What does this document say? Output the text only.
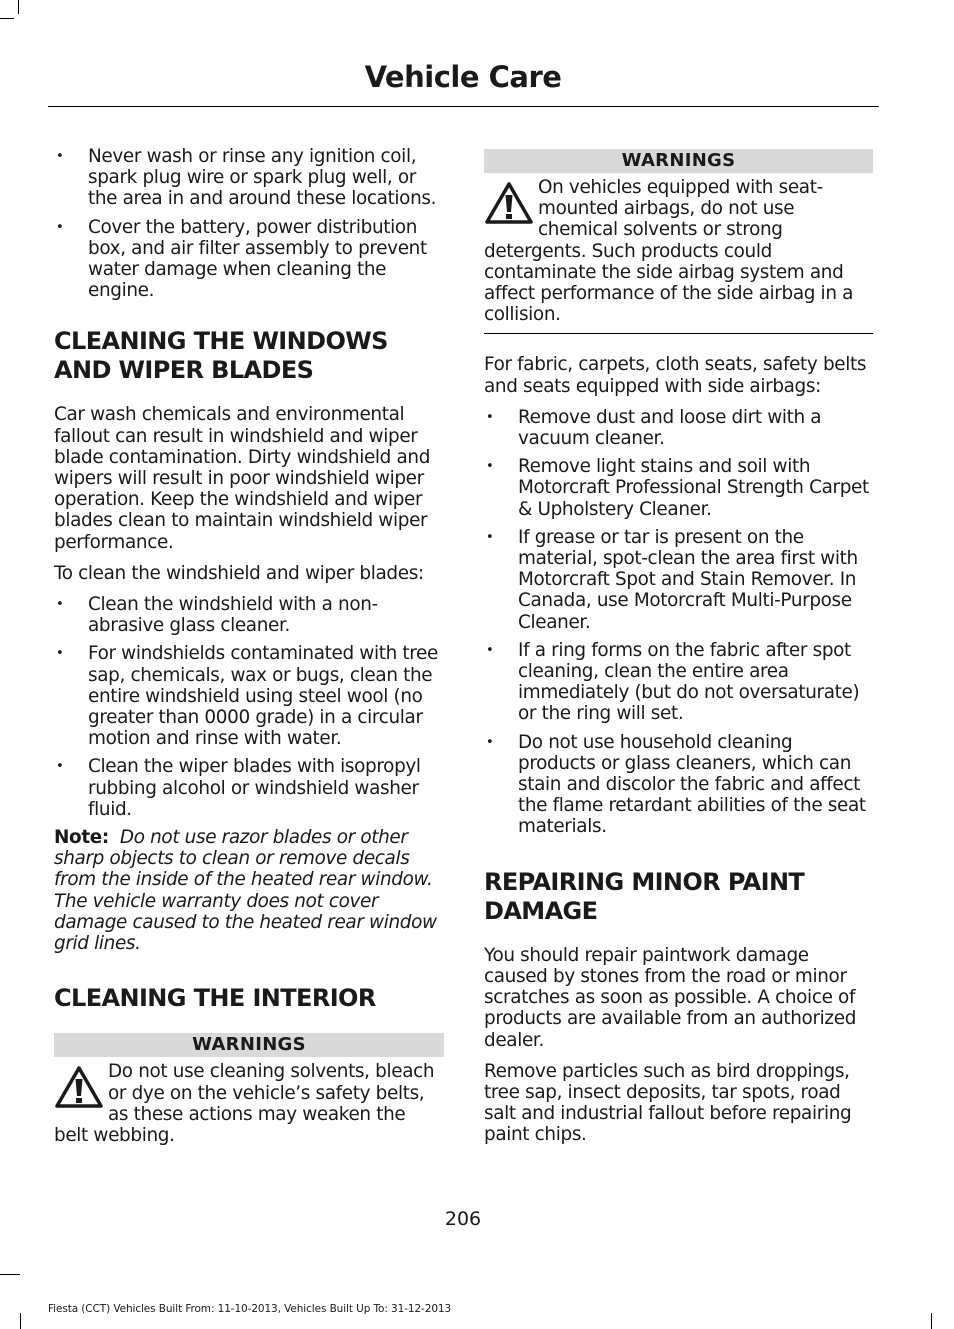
Vehicle Care
• Never wash or rinse any ignition coil, spark plug wire or spark plug well, or the area in and around these locations.
• Cover the battery, power distribution box, and air filter assembly to prevent water damage when cleaning the engine.
CLEANING THE WINDOWS AND WIPER BLADES

Car wash chemicals and environmental fallout can result in windshield and wiper blade contamination. Dirty windshield and wipers will result in poor windshield wiper operation. Keep the windshield and wiper blades clean to maintain windshield wiper performance.

To clean the windshield and wiper blades:

• Clean the windshield with a non-abrasive glass cleaner.
• For windshields contaminated with tree sap, chemicals, wax or bugs, clean the entire windshield using steel wool (no greater than 0000 grade) in a circular motion and rinse with water.
• Clean the wiper blades with isopropyl rubbing alcohol or windshield washer fluid.

Note: Do not use razor blades or other sharp objects to clean or remove decals from the inside of the heated rear window. The vehicle warranty does not cover damage caused to the heated rear window grid lines.

CLEANING THE INTERIOR
WARNINGS
Do not use cleaning solvents, bleach or dye on the vehicle’s safety belts, as these actions may weaken the belt webbing.
WARNINGS
On vehicles equipped with seat-mounted airbags, do not use chemical solvents or strong detergents. Such products could contaminate the side airbag system and affect performance of the side airbag in a collision.

For fabric, carpets, cloth seats, safety belts and seats equipped with side airbags:

• Remove dust and loose dirt with a vacuum cleaner.
• Remove light stains and soil with Motorcraft Professional Strength Carpet & Upholstery Cleaner.
• If grease or tar is present on the material, spot-clean the area first with Motorcraft Spot and Stain Remover. In Canada, use Motorcraft Multi-Purpose Cleaner.
• If a ring forms on the fabric after spot cleaning, clean the entire area immediately (but do not oversaturate) or the ring will set.
• Do not use household cleaning products or glass cleaners, which can stain and discolor the fabric and affect the flame retardant abilities of the seat materials.
REPAIRING MINOR PAINT DAMAGE

You should repair paintwork damage caused by stones from the road or minor scratches as soon as possible. A choice of products are available from an authorized dealer.

Remove particles such as bird droppings, tree sap, insect deposits, tar spots, road salt and industrial fallout before repairing paint chips.

206
Fiesta (CCT) Vehicles Built From: 11-10-2013, Vehicles Built Up To: 31-12-2013
